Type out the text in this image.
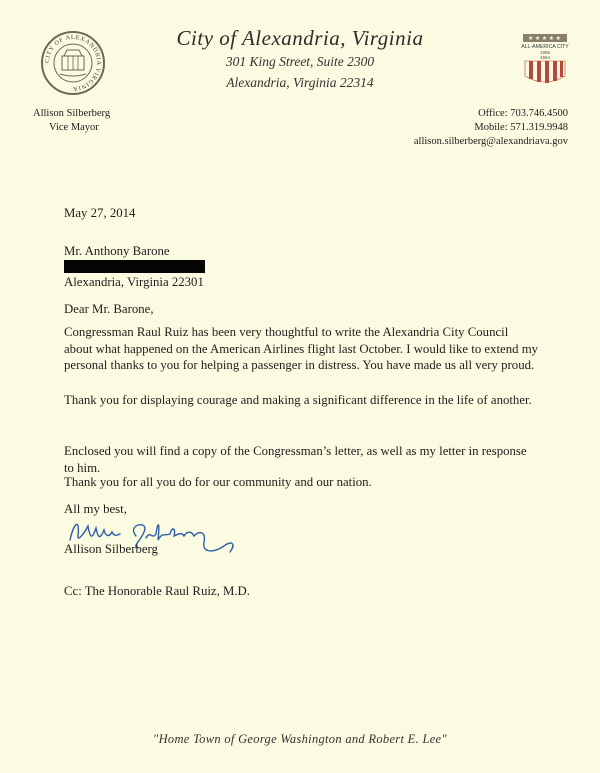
CITY OF ALEXANDRIA VIRGINIA
City of Alexandria, Virginia
301 King Street, Suite 2300
Alexandria, Virginia 22314
★ ★ ★ ★ ★
ALL-AMERICA CITY
1985
1964
Allison Silberberg
Vice Mayor
Office: 703.746.4500
Mobile: 571.319.9948
allison.silberberg@alexandriava.gov
May 27, 2014
Mr. Anthony Barone
Alexandria, Virginia 22301
Dear Mr. Barone,
Congressman Raul Ruiz has been very thoughtful to write the Alexandria City Council about what happened on the American Airlines flight last October. I would like to extend my personal thanks to you for helping a passenger in distress. You have made us all very proud.
Thank you for displaying courage and making a significant difference in the life of another.
Enclosed you will find a copy of the Congressman’s letter, as well as my letter in response to him.
Thank you for all you do for our community and our nation.
All my best,
Allison Silberberg
Cc: The Honorable Raul Ruiz, M.D.
"Home Town of George Washington and Robert E. Lee"
